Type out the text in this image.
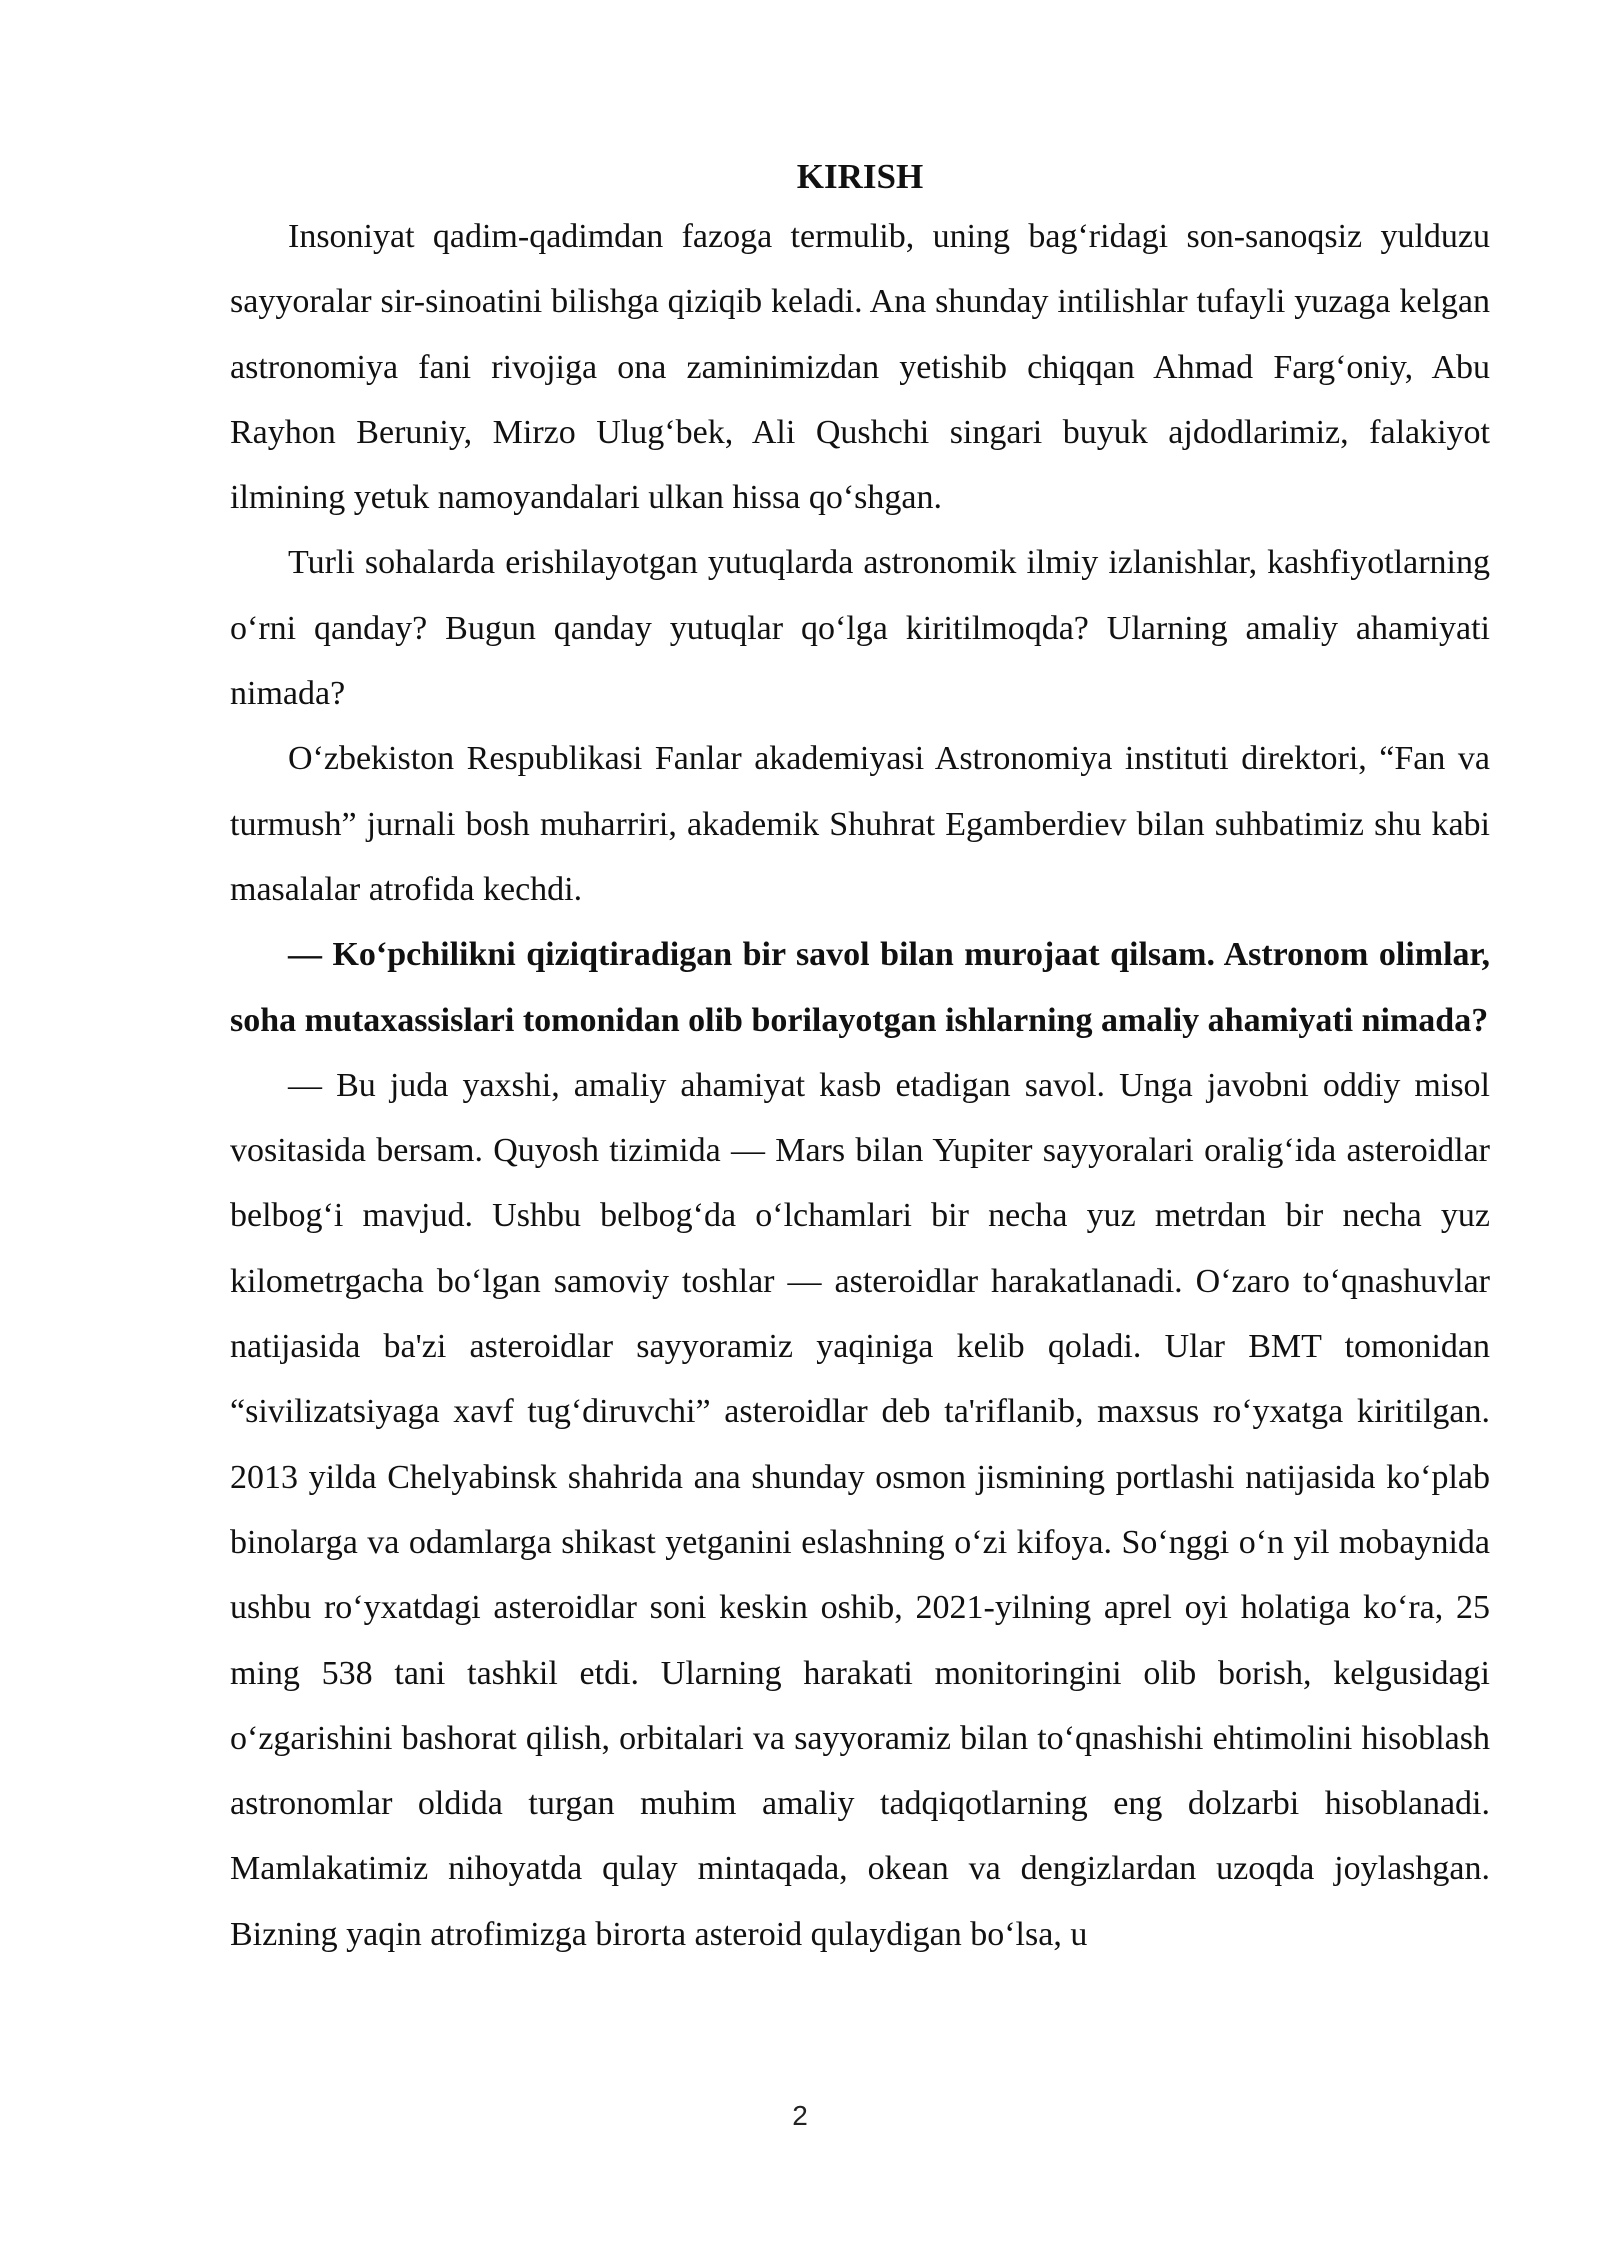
KIRISH

Insoniyat qadim-qadimdan fazoga termulib, uning bag‘ridagi son-sanoqsiz yulduzu sayyoralar sir-sinoatini bilishga qiziqib keladi. Ana shunday intilishlar tufayli yuzaga kelgan astronomiya fani rivojiga ona zaminimizdan yetishib chiqqan Ahmad Farg‘oniy, Abu Rayhon Beruniy, Mirzo Ulug‘bek, Ali Qushchi singari buyuk ajdodlarimiz, falakiyot ilmining yetuk namoyandalari ulkan hissa qo‘shgan.

Turli sohalarda erishilayotgan yutuqlarda astronomik ilmiy izlanishlar, kashfiyotlarning o‘rni qanday? Bugun qanday yutuqlar qo‘lga kiritilmoqda? Ularning amaliy ahamiyati nimada?

O‘zbekiston Respublikasi Fanlar akademiyasi Astronomiya instituti direktori, “Fan va turmush” jurnali bosh muharriri, akademik Shuhrat Egamberdiev bilan suhbatimiz shu kabi masalalar atrofida kechdi.

— Ko‘pchilikni qiziqtiradigan bir savol bilan murojaat qilsam. Astronom olimlar, soha mutaxassislari tomonidan olib borilayotgan ishlarning amaliy ahamiyati nimada?

— Bu juda yaxshi, amaliy ahamiyat kasb etadigan savol. Unga javobni oddiy misol vositasida bersam. Quyosh tizimida — Mars bilan Yupiter sayyoralari oralig‘ida asteroidlar belbog‘i mavjud. Ushbu belbog‘da o‘lchamlari bir necha yuz metrdan bir necha yuz kilometrgacha bo‘lgan samoviy toshlar — asteroidlar harakatlanadi. O‘zaro to‘qnashuvlar natijasida ba'zi asteroidlar sayyoramiz yaqiniga kelib qoladi. Ular BMT tomonidan “sivilizatsiyaga xavf tug‘diruvchi” asteroidlar deb ta'riflanib, maxsus ro‘yxatga kiritilgan. 2013 yilda Chelyabinsk shahrida ana shunday osmon jismining portlashi natijasida ko‘plab binolarga va odamlarga shikast yetganini eslashning o‘zi kifoya. So‘nggi o‘n yil mobaynida ushbu ro‘yxatdagi asteroidlar soni keskin oshib, 2021-yilning aprel oyi holatiga ko‘ra, 25 ming 538 tani tashkil etdi. Ularning harakati monitoringini olib borish, kelgusidagi o‘zgarishini bashorat qilish, orbitalari va sayyoramiz bilan to‘qnashishi ehtimolini hisoblash astronomlar oldida turgan muhim amaliy tadqiqotlarning eng dolzarbi hisoblanadi. Mamlakatimiz nihoyatda qulay mintaqada, okean va dengizlardan uzoqda joylashgan. Bizning yaqin atrofimizga birorta asteroid qulaydigan bo‘lsa, u

2
